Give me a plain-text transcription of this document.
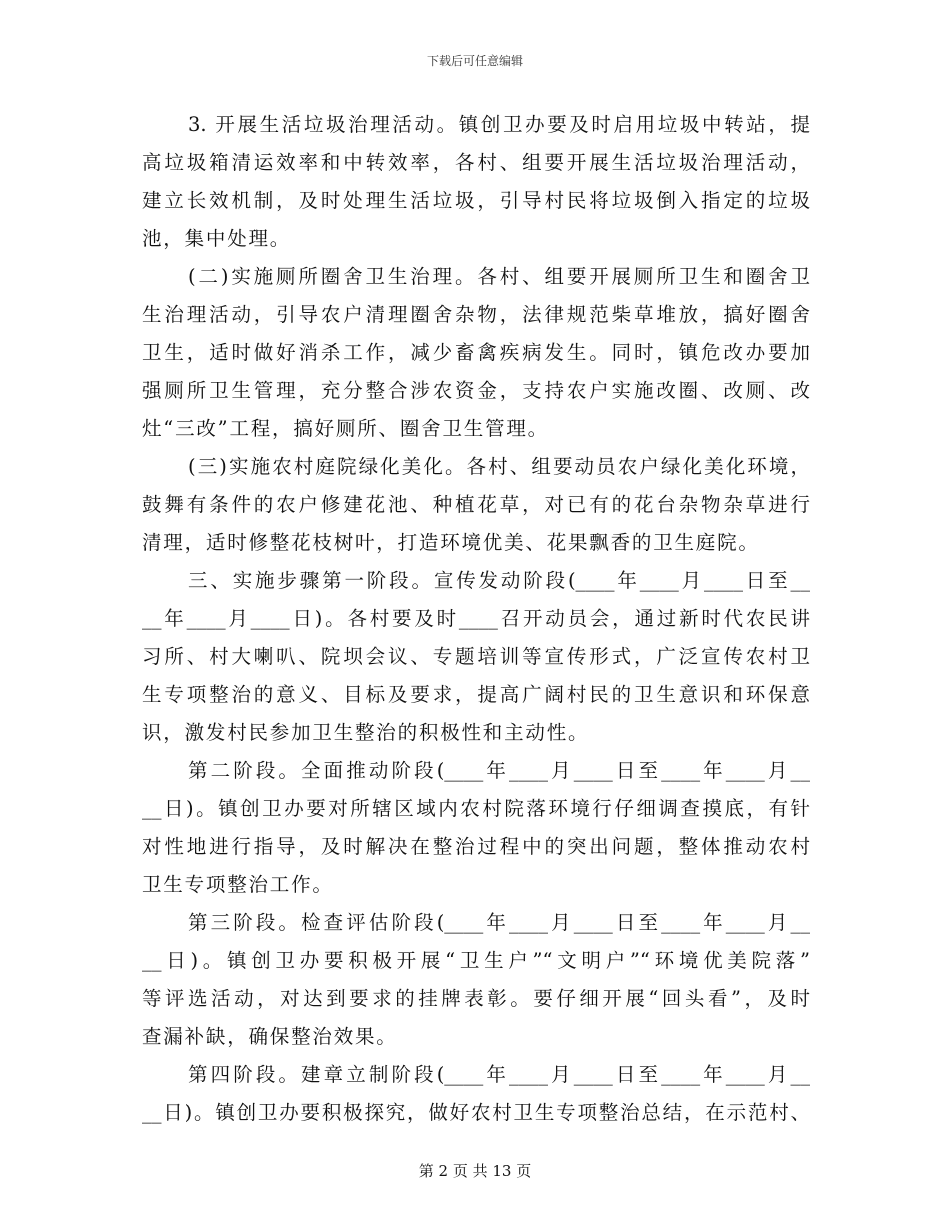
下载后可任意编辑
3. 开展生活垃圾治理活动。镇创卫办要及时启用垃圾中转站，提
高垃圾箱清运效率和中转效率，各村、组要开展生活垃圾治理活动，
建立长效机制，及时处理生活垃圾，引导村民将垃圾倒入指定的垃圾
池，集中处理。
(二)实施厕所圈舍卫生治理。各村、组要开展厕所卫生和圈舍卫
生治理活动，引导农户清理圈舍杂物，法律规范柴草堆放，搞好圈舍
卫生，适时做好消杀工作，减少畜禽疾病发生。同时，镇危改办要加
强厕所卫生管理，充分整合涉农资金，支持农户实施改圈、改厕、改
灶“三改”工程，搞好厕所、圈舍卫生管理。
(三)实施农村庭院绿化美化。各村、组要动员农户绿化美化环境，
鼓舞有条件的农户修建花池、种植花草，对已有的花台杂物杂草进行
清理，适时修整花枝树叶，打造环境优美、花果飘香的卫生庭院。
三、实施步骤第一阶段。宣传发动阶段(____年____月____日至__
__年____月____日)。各村要及时____召开动员会，通过新时代农民讲
习所、村大喇叭、院坝会议、专题培训等宣传形式，广泛宣传农村卫
生专项整治的意义、目标及要求，提高广阔村民的卫生意识和环保意
识，激发村民参加卫生整治的积极性和主动性。
第二阶段。全面推动阶段(____年____月____日至____年____月__
__日)。镇创卫办要对所辖区域内农村院落环境行仔细调查摸底，有针
对性地进行指导，及时解决在整治过程中的突出问题，整体推动农村
卫生专项整治工作。
第三阶段。检查评估阶段(____年____月____日至____年____月__
__日)。镇创卫办要积极开展“卫生户”“文明户”“环境优美院落”
等评选活动，对达到要求的挂牌表彰。要仔细开展“回头看”，及时
查漏补缺，确保整治效果。
第四阶段。建章立制阶段(____年____月____日至____年____月__
__日)。镇创卫办要积极探究，做好农村卫生专项整治总结，在示范村、
第 2 页 共 13 页
